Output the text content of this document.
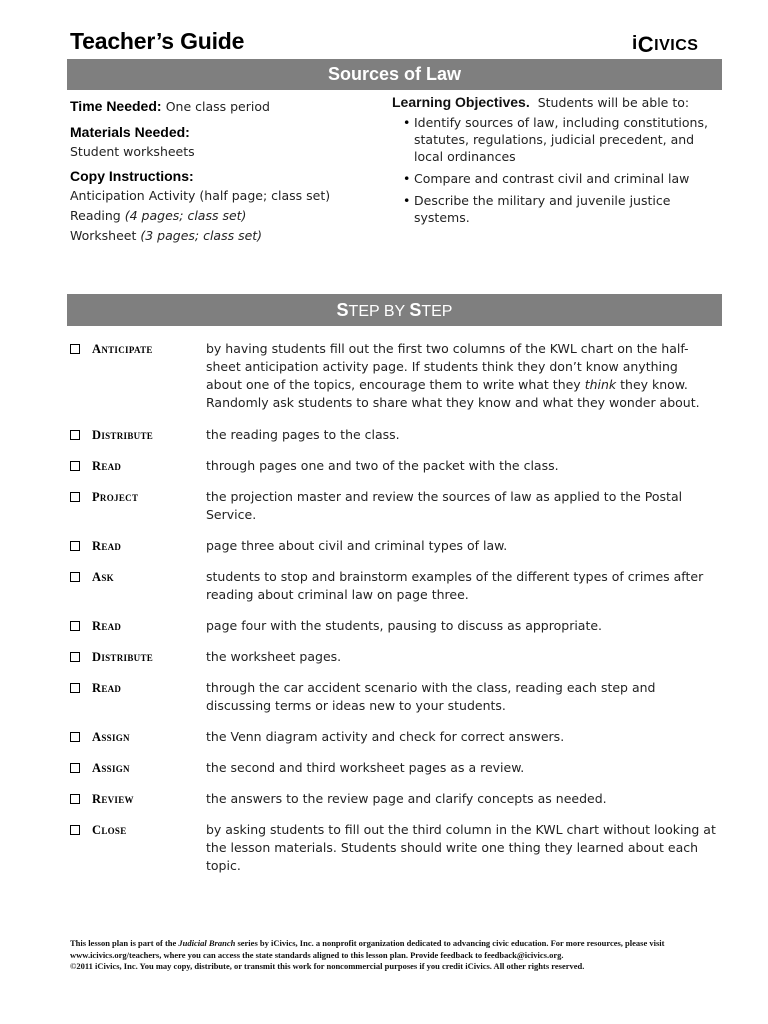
Teacher’s Guide	i C IVICS
Sources of Law
Time Needed: One class period
Materials Needed:
Student worksheets
Copy Instructions:
Anticipation Activity (half page; class set)
Reading (4 pages; class set)
Worksheet (3 pages; class set)
Learning Objectives. Students will be able to:
• Identify sources of law, including constitutions, statutes, regulations, judicial precedent, and local ordinances
• Compare and contrast civil and criminal law
• Describe the military and juvenile justice systems.
STEP BY STEP
Anticipate	by having students fill out the first two columns of the KWL chart on the half-sheet anticipation activity page. If students think they don’t know anything about one of the topics, encourage them to write what they think they know. Randomly ask students to share what they know and what they wonder about.
Distribute	the reading pages to the class.
Read	through pages one and two of the packet with the class.
Project	the projection master and review the sources of law as applied to the Postal Service.
Read	page three about civil and criminal types of law.
Ask	students to stop and brainstorm examples of the different types of crimes after reading about criminal law on page three.
Read	page four with the students, pausing to discuss as appropriate.
Distribute	the worksheet pages.
Read	through the car accident scenario with the class, reading each step and discussing terms or ideas new to your students.
Assign	the Venn diagram activity and check for correct answers.
Assign	the second and third worksheet pages as a review.
Review	the answers to the review page and clarify concepts as needed.
Close	by asking students to fill out the third column in the KWL chart without looking at the lesson materials. Students should write one thing they learned about each topic.
This lesson plan is part of the Judicial Branch series by iCivics, Inc. a nonprofit organization dedicated to advancing civic education. For more resources, please visit www.icivics.org/teachers, where you can access the state standards aligned to this lesson plan. Provide feedback to feedback@icivics.org.
©2011 iCivics, Inc. You may copy, distribute, or transmit this work for noncommercial purposes if you credit iCivics. All other rights reserved.
